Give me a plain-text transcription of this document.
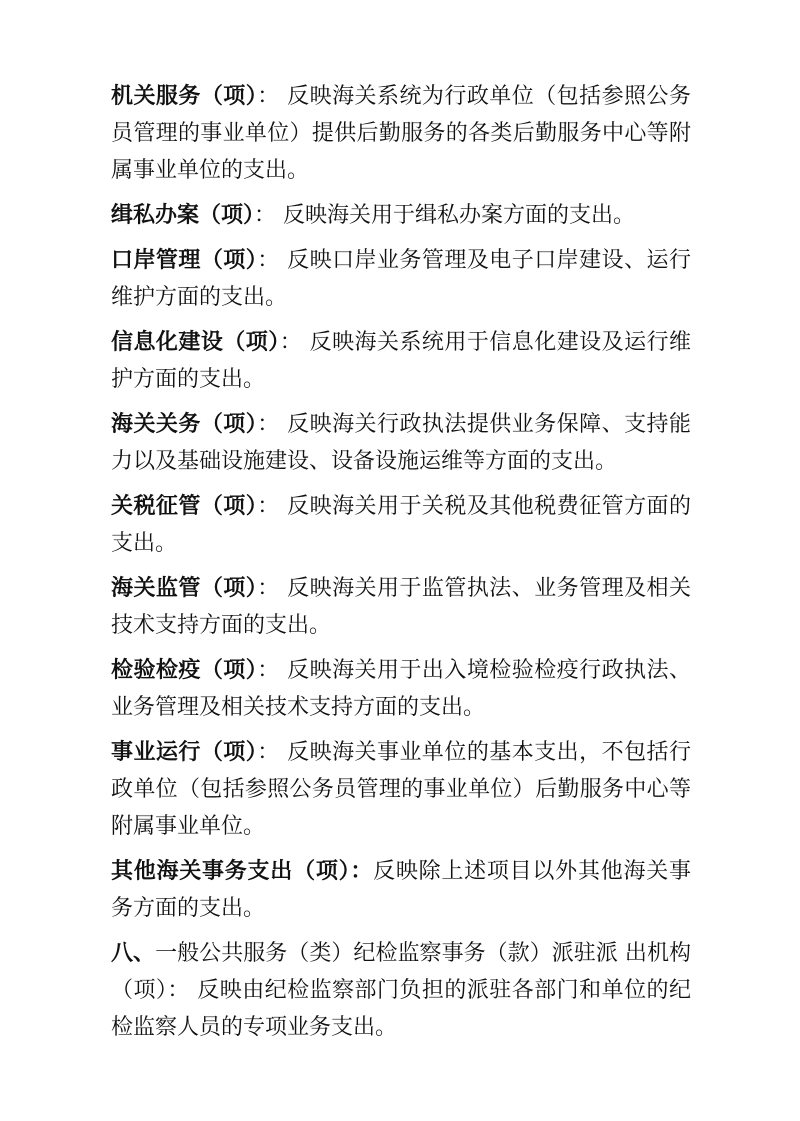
机关服务（项）： 反映海关系统为行政单位（包括参照公务员管理的事业单位）提供后勤服务的各类后勤服务中心等附属事业单位的支出。

缉私办案（项）： 反映海关用于缉私办案方面的支出。

口岸管理（项）： 反映口岸业务管理及电子口岸建设、运行维护方面的支出。

信息化建设（项）： 反映海关系统用于信息化建设及运行维护方面的支出。

海关关务（项）： 反映海关行政执法提供业务保障、支持能力以及基础设施建设、设备设施运维等方面的支出。

关税征管（项）： 反映海关用于关税及其他税费征管方面的支出。

海关监管（项）： 反映海关用于监管执法、业务管理及相关技术支持方面的支出。

检验检疫（项）： 反映海关用于出入境检验检疫行政执法、业务管理及相关技术支持方面的支出。

事业运行（项）： 反映海关事业单位的基本支出，不包括行政单位（包括参照公务员管理的事业单位）后勤服务中心等附属事业单位。

其他海关事务支出（项）：反映除上述项目以外其他海关事务方面的支出。

八、一般公共服务（类）纪检监察事务（款）派驻派 出机构（项）： 反映由纪检监察部门负担的派驻各部门和单位的纪检监察人员的专项业务支出。
